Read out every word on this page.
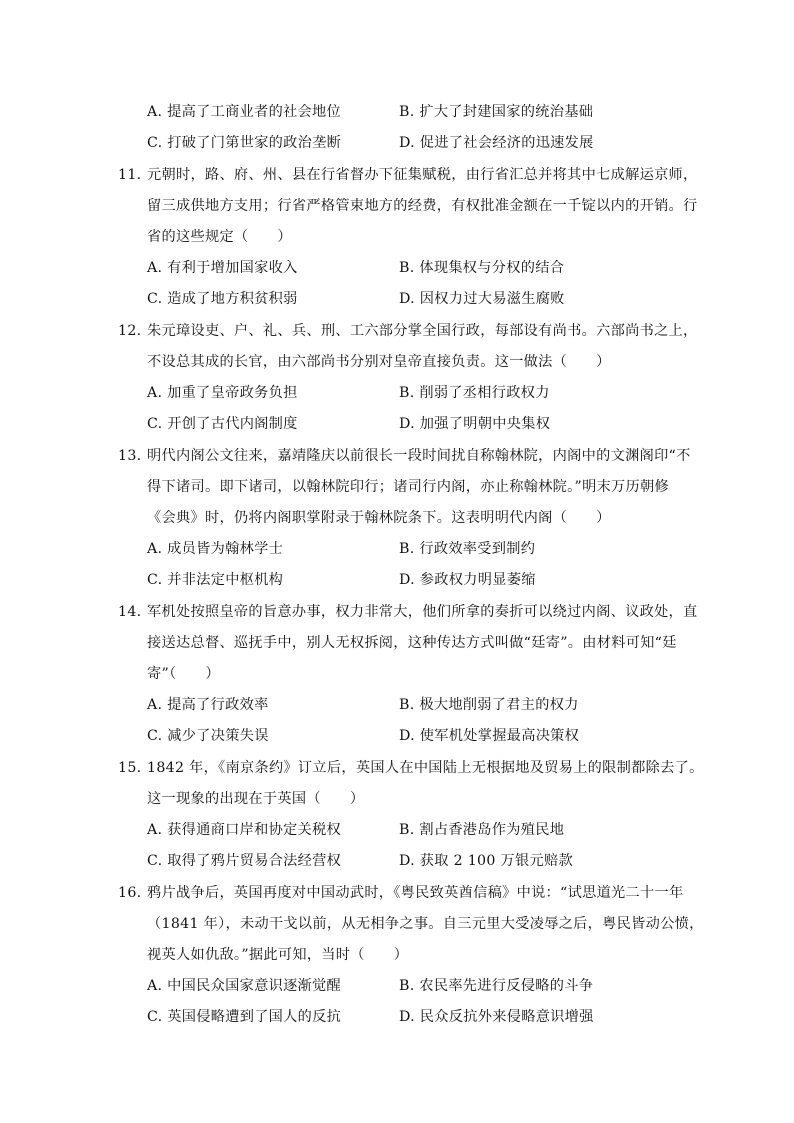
A. 提高了工商业者的社会地位	B. 扩大了封建国家的统治基础
C. 打破了门第世家的政治垄断	D. 促进了社会经济的迅速发展
11. 元朝时，路、府、州、县在行省督办下征集赋税，由行省汇总并将其中七成解运京师，
留三成供地方支用；行省严格管束地方的经费，有权批准金额在一千锭以内的开销。行
省的这些规定（　　）
A. 有利于增加国家收入	B. 体现集权与分权的结合
C. 造成了地方积贫积弱	D. 因权力过大易滋生腐败
12. 朱元璋设吏、户、礼、兵、刑、工六部分掌全国行政，每部设有尚书。六部尚书之上，
不设总其成的长官，由六部尚书分别对皇帝直接负责。这一做法（　　）
A. 加重了皇帝政务负担	B. 削弱了丞相行政权力
C. 开创了古代内阁制度	D. 加强了明朝中央集权
13. 明代内阁公文往来，嘉靖隆庆以前很长一段时间扰自称翰林院，内阁中的文渊阁印“不
得下诸司。即下诸司，以翰林院印行；诸司行内阁，亦止称翰林院。”明末万历朝修
《会典》时，仍将内阁职掌附录于翰林院条下。这表明明代内阁（　　）
A. 成员皆为翰林学士	B. 行政效率受到制约
C. 并非法定中枢机构	D. 参政权力明显萎缩
14. 军机处按照皇帝的旨意办事，权力非常大，他们所拿的奏折可以绕过内阁、议政处，直
接送达总督、巡抚手中，别人无权拆阅，这种传达方式叫做“廷寄”。由材料可知“廷
寄”（　　）
A. 提高了行政效率	B. 极大地削弱了君主的权力
C. 减少了决策失误	D. 使军机处掌握最高决策权
15. 1842 年，《南京条约》订立后，英国人在中国陆上无根据地及贸易上的限制都除去了。
这一现象的出现在于英国（　　）
A. 获得通商口岸和协定关税权	B. 割占香港岛作为殖民地
C. 取得了鸦片贸易合法经营权	D. 获取 2 100 万银元赔款
16. 鸦片战争后，英国再度对中国动武时，《粤民致英酋信稿》中说：“试思道光二十一年
（1841 年），未动干戈以前，从无相争之事。自三元里大受凌辱之后，粤民皆动公愤，
视英人如仇敌。”据此可知，当时（　　）
A. 中国民众国家意识逐渐觉醒	B. 农民率先进行反侵略的斗争
C. 英国侵略遭到了国人的反抗	D. 民众反抗外来侵略意识增强
